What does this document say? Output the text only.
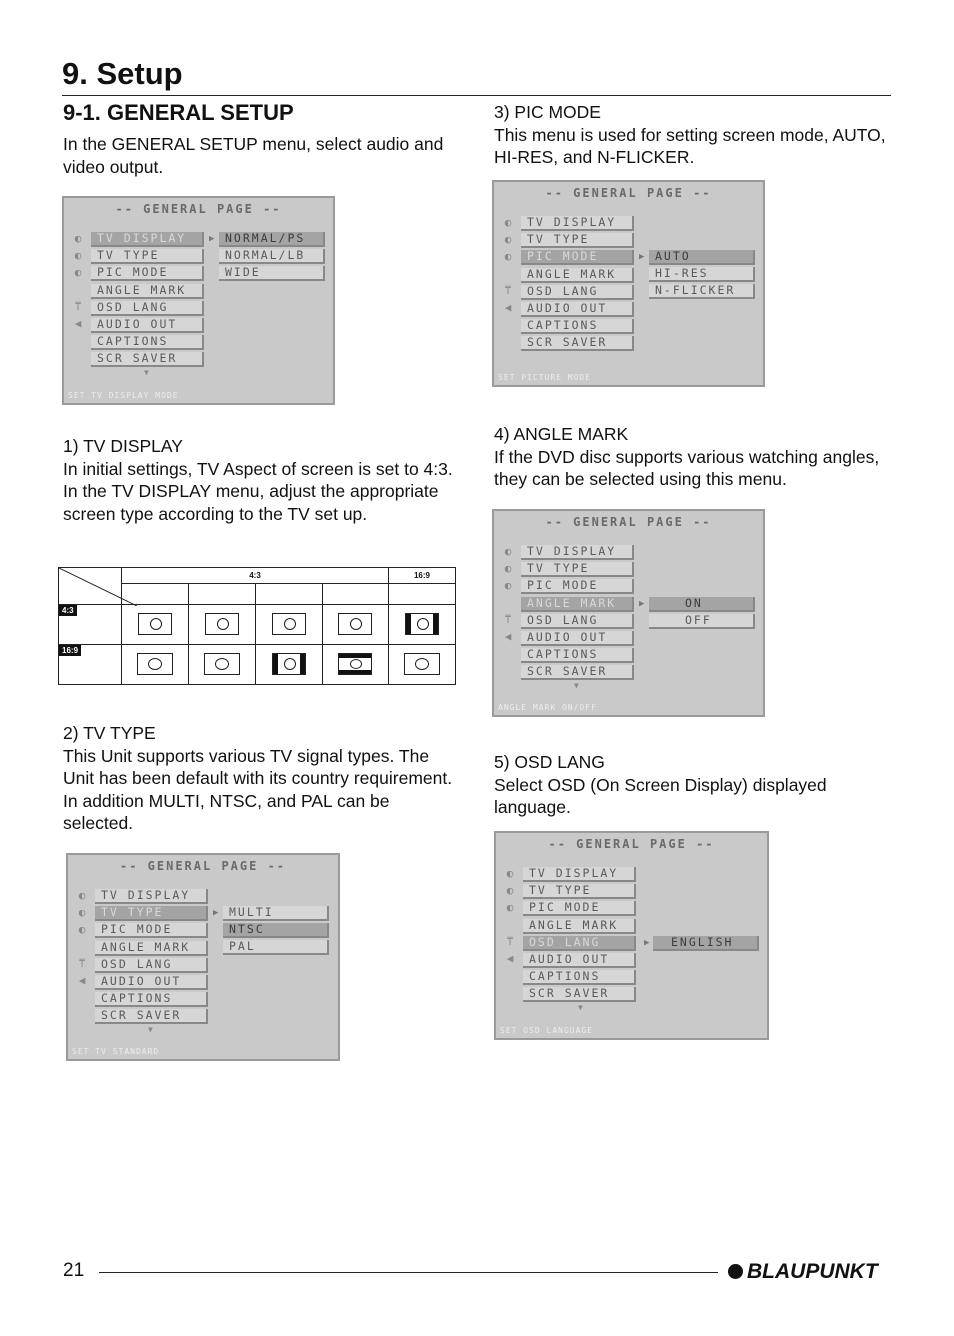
9. Setup
9-1. GENERAL SETUP

In the GENERAL SETUP menu, select audio and video output.

-- GENERAL PAGE --
◐
◐
◐
⍑
◀
TV DISPLAY
TV TYPE
PIC MODE
ANGLE MARK
OSD LANG
AUDIO OUT
CAPTIONS
SCR SAVER
▶ NORMAL/PS
NORMAL/LB
WIDE
▼
SET TV DISPLAY MODE

1) TV DISPLAY

In initial settings, TV Aspect of screen is set to 4:3. In the TV DISPLAY menu, adjust the appropriate screen type according to the TV set up.

	4:3				16:9

4:3	

16:9	

2) TV TYPE

This Unit supports various TV signal types. The Unit has been default with its country requirement. In addition MULTI, NTSC, and PAL can be selected.

-- GENERAL PAGE --
◐
◐
◐
⍑
◀
TV DISPLAY
TV TYPE
PIC MODE
ANGLE MARK
OSD LANG
AUDIO OUT
CAPTIONS
SCR SAVER
▶ MULTI
NTSC
PAL
▼
SET TV STANDARD

3) PIC MODE

This menu is used for setting screen mode, AUTO, HI-RES, and N-FLICKER.

-- GENERAL PAGE --
◐
◐
◐
⍑
◀
TV DISPLAY
TV TYPE
PIC MODE
ANGLE MARK
OSD LANG
AUDIO OUT
CAPTIONS
SCR SAVER
▶ AUTO
HI-RES
N-FLICKER
SET PICTURE MODE

4) ANGLE MARK

If the DVD disc supports various watching angles, they can be selected using this menu.

-- GENERAL PAGE --
◐
◐
◐
⍑
◀
TV DISPLAY
TV TYPE
PIC MODE
ANGLE MARK
OSD LANG
AUDIO OUT
CAPTIONS
SCR SAVER
▶	ON
OFF
▼
ANGLE MARK ON/OFF

5) OSD LANG

Select OSD (On Screen Display) displayed language.

-- GENERAL PAGE --
◐
◐
◐
⍑
◀
TV DISPLAY
TV TYPE
PIC MODE
ANGLE MARK
OSD LANG
AUDIO OUT
CAPTIONS
SCR SAVER
▶	ENGLISH
▼
SET OSD LANGUAGE
21	BLAUPUNKT
